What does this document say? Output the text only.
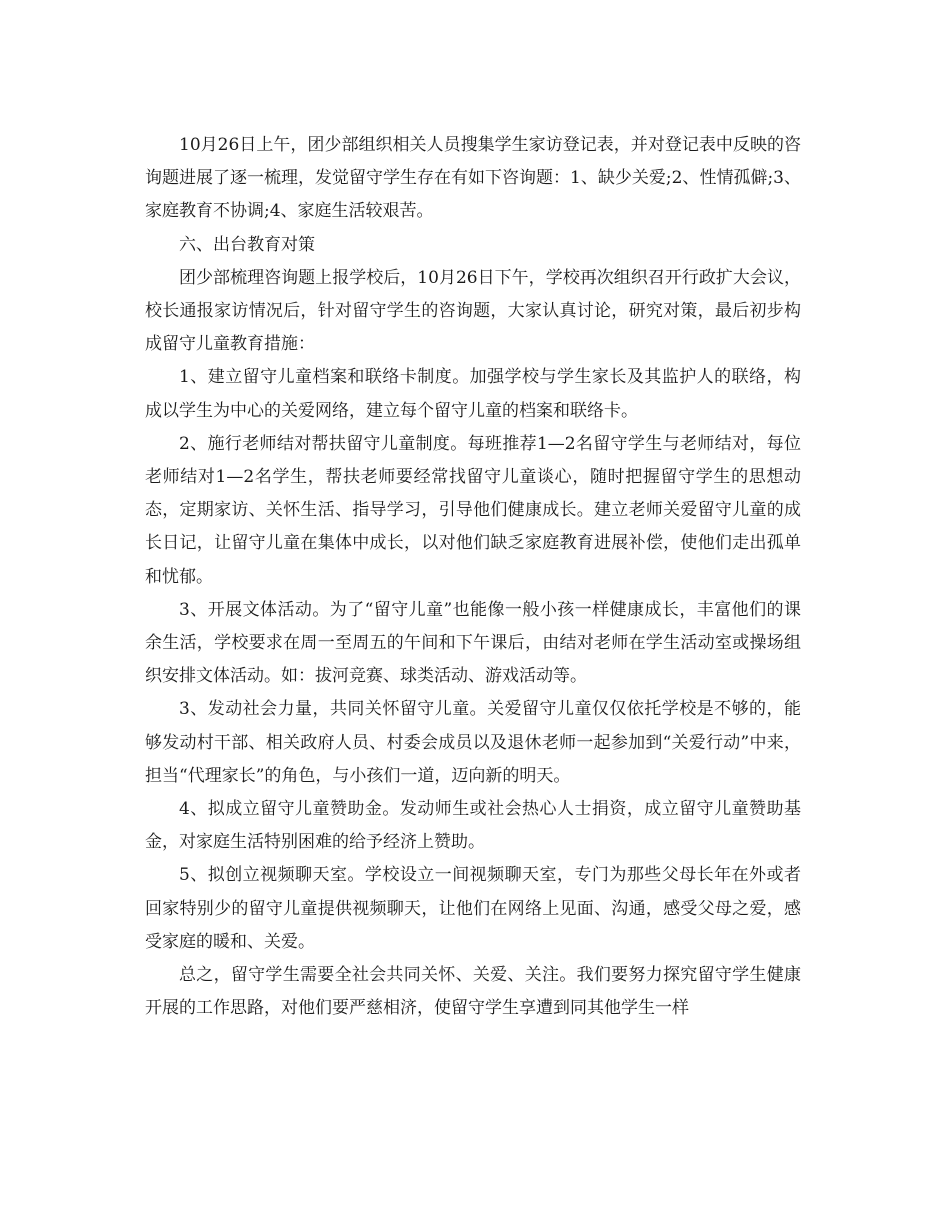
10月26日上午，团少部组织相关人员搜集学生家访登记表，并对登记表中反映的咨询题进展了逐一梳理，发觉留守学生存在有如下咨询题：1、缺少关爱;2、性情孤僻;3、家庭教育不协调;4、家庭生活较艰苦。

六、出台教育对策

团少部梳理咨询题上报学校后，10月26日下午，学校再次组织召开行政扩大会议，校长通报家访情况后，针对留守学生的咨询题，大家认真讨论，研究对策，最后初步构成留守儿童教育措施：

1、建立留守儿童档案和联络卡制度。加强学校与学生家长及其监护人的联络，构成以学生为中心的关爱网络，建立每个留守儿童的档案和联络卡。

2、施行老师结对帮扶留守儿童制度。每班推荐1—2名留守学生与老师结对，每位老师结对1—2名学生，帮扶老师要经常找留守儿童谈心，随时把握留守学生的思想动态，定期家访、关怀生活、指导学习，引导他们健康成长。建立老师关爱留守儿童的成长日记，让留守儿童在集体中成长，以对他们缺乏家庭教育进展补偿，使他们走出孤单和忧郁。

3、开展文体活动。为了“留守儿童”也能像一般小孩一样健康成长，丰富他们的课余生活，学校要求在周一至周五的午间和下午课后，由结对老师在学生活动室或操场组织安排文体活动。如：拔河竞赛、球类活动、游戏活动等。

3、发动社会力量，共同关怀留守儿童。关爱留守儿童仅仅依托学校是不够的，能够发动村干部、相关政府人员、村委会成员以及退休老师一起参加到“关爱行动”中来，担当“代理家长”的角色，与小孩们一道，迈向新的明天。

4、拟成立留守儿童赞助金。发动师生或社会热心人士捐资，成立留守儿童赞助基金，对家庭生活特别困难的给予经济上赞助。

5、拟创立视频聊天室。学校设立一间视频聊天室，专门为那些父母长年在外或者回家特别少的留守儿童提供视频聊天，让他们在网络上见面、沟通，感受父母之爱，感受家庭的暖和、关爱。

总之，留守学生需要全社会共同关怀、关爱、关注。我们要努力探究留守学生健康开展的工作思路，对他们要严慈相济，使留守学生享遭到同其他学生一样
